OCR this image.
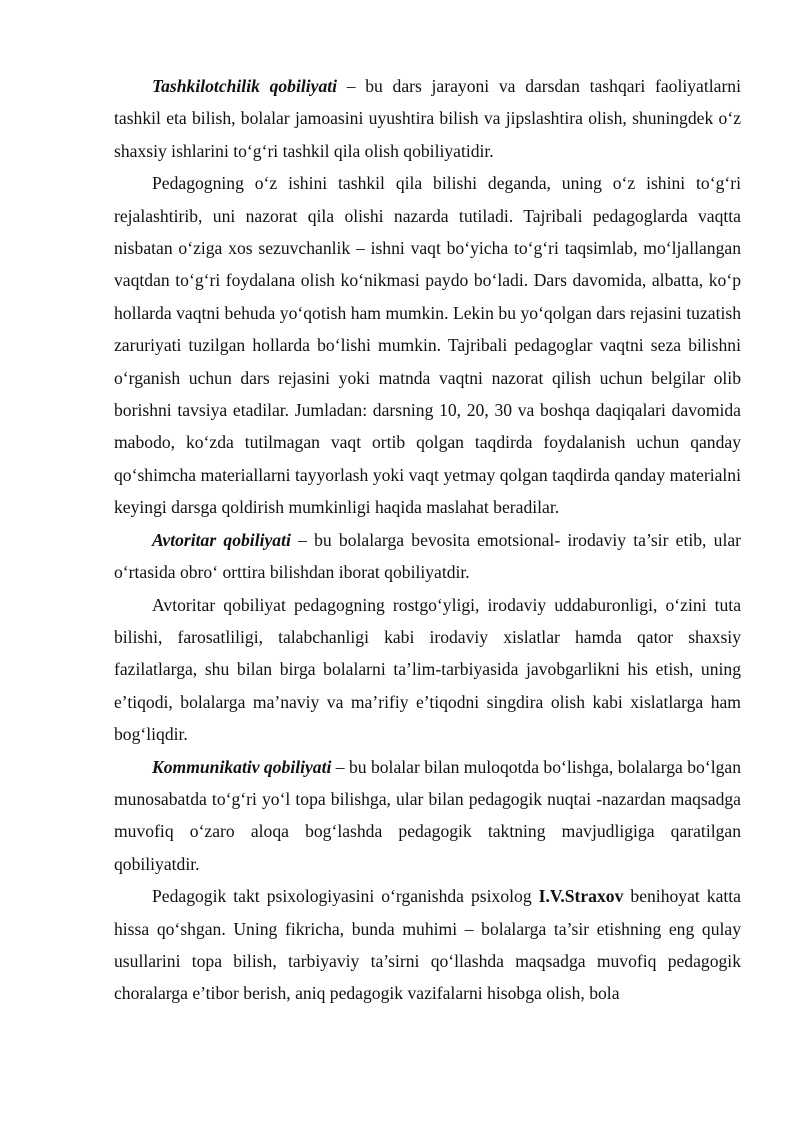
Tashkilotchilik qobiliyati – bu dars jarayoni va darsdan tashqari faoliyatlarni tashkil eta bilish, bolalar jamoasini uyushtira bilish va jipslashtira olish, shuningdek o‘z shaxsiy ishlarini to‘g‘ri tashkil qila olish qobiliyatidir.

Pedagogning o‘z ishini tashkil qila bilishi deganda, uning o‘z ishini to‘g‘ri rejalashtirib, uni nazorat qila olishi nazarda tutiladi. Tajribali pedagoglarda vaqtta nisbatan o‘ziga xos sezuvchanlik – ishni vaqt bo‘yicha to‘g‘ri taqsimlab, mo‘ljallangan vaqtdan to‘g‘ri foydalana olish ko‘nikmasi paydo bo‘ladi. Dars davomida, albatta, ko‘p hollarda vaqtni behuda yo‘qotish ham mumkin. Lekin bu yo‘qolgan dars rejasini tuzatish zaruriyati tuzilgan hollarda bo‘lishi mumkin. Tajribali pedagoglar vaqtni seza bilishni o‘rganish uchun dars rejasini yoki matnda vaqtni nazorat qilish uchun belgilar olib borishni tavsiya etadilar. Jumladan: darsning 10, 20, 30 va boshqa daqiqalari davomida mabodo, ko‘zda tutilmagan vaqt ortib qolgan taqdirda foydalanish uchun qanday qo‘shimcha materiallarni tayyorlash yoki vaqt yetmay qolgan taqdirda qanday materialni keyingi darsga qoldirish mumkinligi haqida maslahat beradilar.

Avtoritar qobiliyati – bu bolalarga bevosita emotsional- irodaviy ta’sir etib, ular o‘rtasida obro‘ orttira bilishdan iborat qobiliyatdir.

Avtoritar qobiliyat pedagogning rostgo‘yligi, irodaviy uddaburonligi, o‘zini tuta bilishi, farosatliligi, talabchanligi kabi irodaviy xislatlar hamda qator shaxsiy fazilatlarga, shu bilan birga bolalarni ta’lim-tarbiyasida javobgarlikni his etish, uning e’tiqodi, bolalarga ma’naviy va ma’rifiy e’tiqodni singdira olish kabi xislatlarga ham bog‘liqdir.

Kommunikativ qobiliyati – bu bolalar bilan muloqotda bo‘lishga, bolalarga bo‘lgan munosabatda to‘g‘ri yo‘l topa bilishga, ular bilan pedagogik nuqtai -nazardan maqsadga muvofiq o‘zaro aloqa bog‘lashda pedagogik taktning mavjudligiga qaratilgan qobiliyatdir.

Pedagogik takt psixologiyasini o‘rganishda psixolog I.V.Straxov benihoyat katta hissa qo‘shgan. Uning fikricha, bunda muhimi – bolalarga ta’sir etishning eng qulay usullarini topa bilish, tarbiyaviy ta’sirni qo‘llashda maqsadga muvofiq pedagogik choralarga e’tibor berish, aniq pedagogik vazifalarni hisobga olish, bola
